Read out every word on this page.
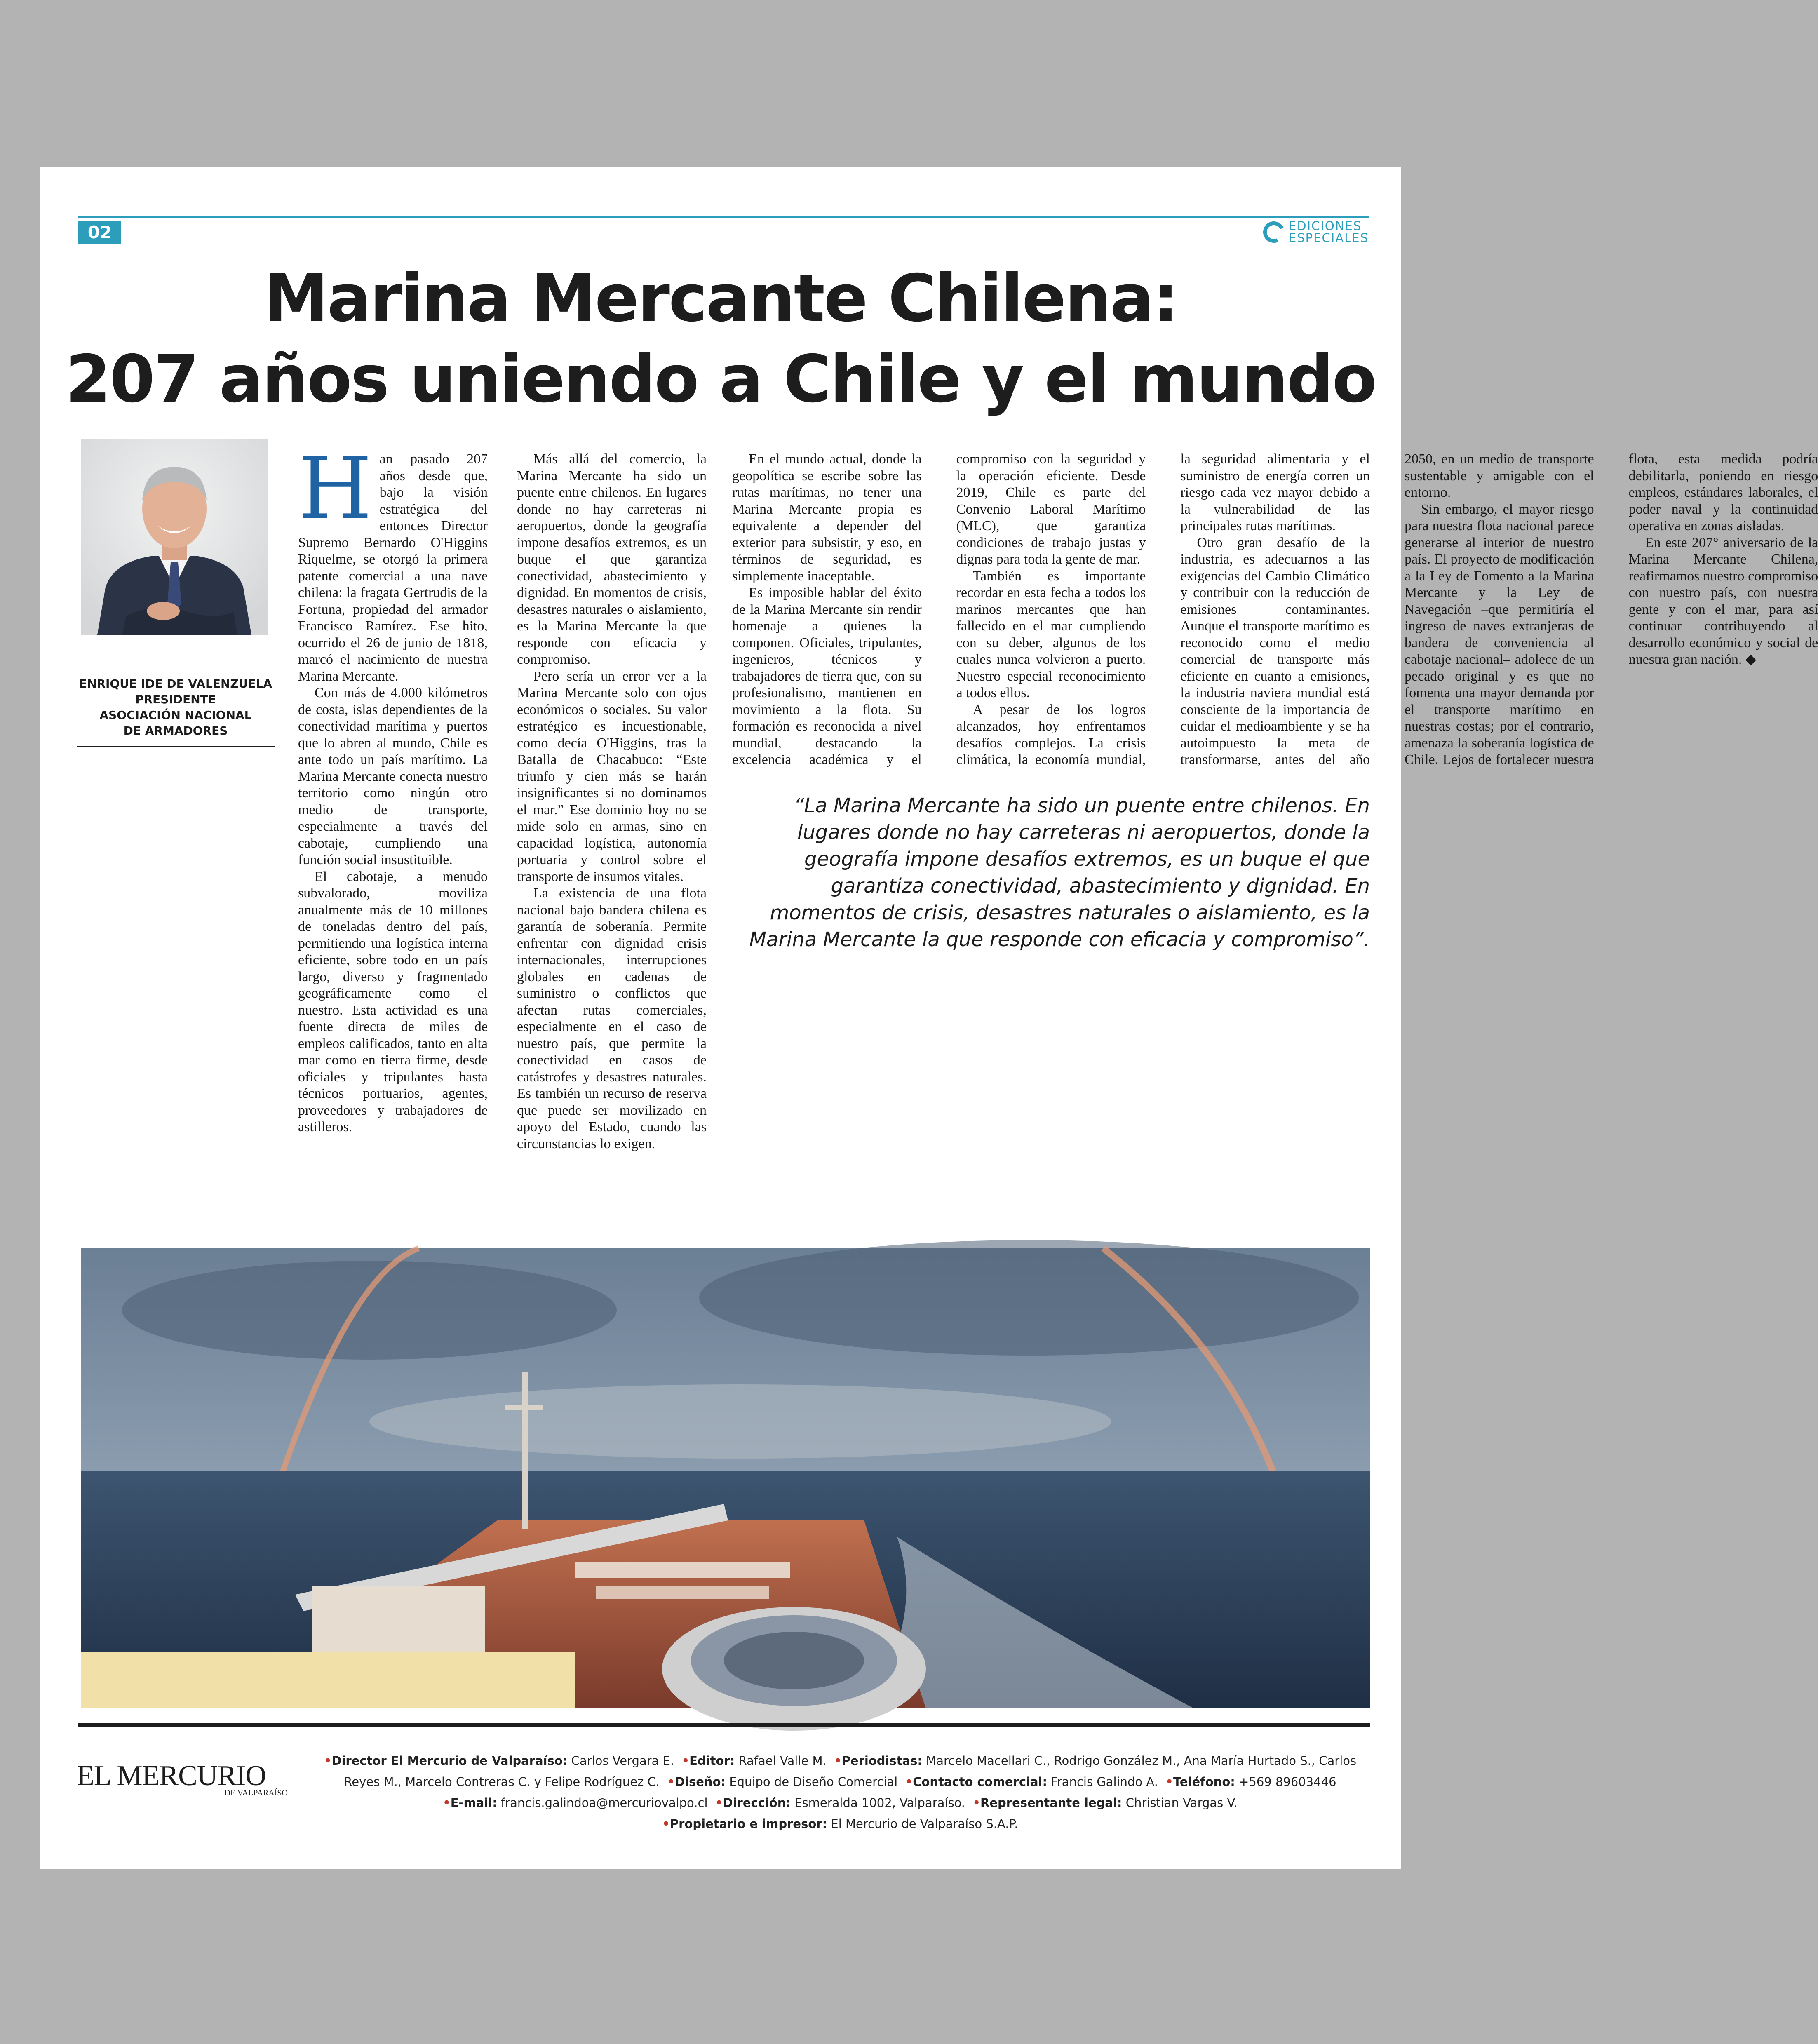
02	EDICIONES
ESPECIALES
Marina Mercante Chilena:
207 años uniendo a Chile y el mundo
ENRIQUE IDE DE VALENZUELA
PRESIDENTE
ASOCIACIÓN NACIONAL
DE ARMADORES
H an pasado 207 años desde que, bajo la visión estratégica del entonces Director Supremo Bernardo O'Higgins Riquelme, se otorgó la primera patente comercial a una nave chilena: la fragata Gertrudis de la Fortuna, propiedad del armador Francisco Ramírez. Ese hito, ocurrido el 26 de junio de 1818, marcó el nacimiento de nuestra Marina Mercante.

Con más de 4.000 kilómetros de costa, islas dependientes de la conectividad marítima y puertos que lo abren al mundo, Chile es ante todo un país marítimo. La Marina Mercante conecta nuestro territorio como ningún otro medio de transporte, especialmente a través del cabotaje, cumpliendo una función social insustituible.

El cabotaje, a menudo subvalorado, moviliza anualmente más de 10 millones de toneladas dentro del país, permitiendo una logística interna eficiente, sobre todo en un país largo, diverso y fragmentado geográficamente como el nuestro. Esta actividad es una fuente directa de miles de empleos calificados, tanto en alta mar como en tierra firme, desde oficiales y tripulantes hasta técnicos portuarios, agentes, proveedores y trabajadores de astilleros.

Más allá del comercio, la Marina Mercante ha sido un puente entre chilenos. En lugares donde no hay carreteras ni aeropuertos, donde la geografía impone desafíos extremos, es un buque el que garantiza conectividad, abastecimiento y dignidad. En momentos de crisis, desastres naturales o aislamiento, es la Marina Mercante la que responde con eficacia y compromiso.

Pero sería un error ver a la Marina Mercante solo con ojos económicos o sociales. Su valor estratégico es incuestionable, como decía O'Higgins, tras la Batalla de Chacabuco: “Este triunfo y cien más se harán insignificantes si no dominamos el mar.” Ese dominio hoy no se mide solo en armas, sino en capacidad logística, autonomía portuaria y control sobre el transporte de insumos vitales.

La existencia de una flota nacional bajo bandera chilena es garantía de soberanía. Permite enfrentar con dignidad crisis internacionales, interrupciones globales en cadenas de suministro o conflictos que afectan rutas comerciales, especialmente en el caso de nuestro país, que permite la conectividad en casos de catástrofes y desastres naturales. Es también un recurso de reserva que puede ser movilizado en apoyo del Estado, cuando las circunstancias lo exigen.

En el mundo actual, donde la geopolítica se escribe sobre las rutas marítimas, no tener una Marina Mercante propia es equivalente a depender del exterior para subsistir, y eso, en términos de seguridad, es simplemente inaceptable.

Es imposible hablar del éxito de la Marina Mercante sin rendir homenaje a quienes la componen. Oficiales, tripulantes, ingenieros, técnicos y trabajadores de tierra que, con su profesionalismo, mantienen en movimiento a la flota. Su formación es reconocida a nivel mundial, destacando la excelencia académica y el compromiso con la seguridad y la operación eficiente. Desde 2019, Chile es parte del Convenio Laboral Marítimo (MLC), que garantiza condiciones de trabajo justas y dignas para toda la gente de mar.

También es importante recordar en esta fecha a todos los marinos mercantes que han fallecido en el mar cumpliendo con su deber, algunos de los cuales nunca volvieron a puerto. Nuestro especial reconocimiento a todos ellos.

A pesar de los logros alcanzados, hoy enfrentamos desafíos complejos. La crisis climática, la economía mundial, la seguridad alimentaria y el suministro de energía corren un riesgo cada vez mayor debido a la vulnerabilidad de las principales rutas marítimas.

Otro gran desafío de la industria, es adecuarnos a las exigencias del Cambio Climático y contribuir con la reducción de emisiones contaminantes. Aunque el transporte marítimo es reconocido como el medio comercial de transporte más eficiente en cuanto a emisiones, la industria naviera mundial está consciente de la importancia de cuidar el medioambiente y se ha autoimpuesto la meta de transformarse, antes del año 2050, en un medio de transporte sustentable y amigable con el entorno.

Sin embargo, el mayor riesgo para nuestra flota nacional parece generarse al interior de nuestro país. El proyecto de modificación a la Ley de Fomento a la Marina Mercante y la Ley de Navegación –que permitiría el ingreso de naves extranjeras de bandera de conveniencia al cabotaje nacional– adolece de un pecado original y es que no fomenta una mayor demanda por el transporte marítimo en nuestras costas; por el contrario, amenaza la soberanía logística de Chile. Lejos de fortalecer nuestra flota, esta medida podría debilitarla, poniendo en riesgo empleos, estándares laborales, el poder naval y la continuidad operativa en zonas aisladas.

En este 207° aniversario de la Marina Mercante Chilena, reafirmamos nuestro compromiso con nuestro país, con nuestra gente y con el mar, para así continuar contribuyendo al desarrollo económico y social de nuestra gran nación. ◆

“La Marina Mercante ha sido un puente entre chilenos. En lugares donde no hay carreteras ni aeropuertos, donde la geografía impone desafíos extremos, es un buque el que garantiza conectividad, abastecimiento y dignidad. En momentos de crisis, desastres naturales o aislamiento, es la Marina Mercante la que responde con eficacia y compromiso”.
EL MERCURIO
DE VALPARAÍSO
•Director El Mercurio de Valparaíso: Carlos Vergara E. •Editor: Rafael Valle M. •Periodistas: Marcelo Macellari C., Rodrigo González M., Ana María Hurtado S., Carlos Reyes M., Marcelo Contreras C. y Felipe Rodríguez C. •Diseño: Equipo de Diseño Comercial •Contacto comercial: Francis Galindo A. •Teléfono: +569 89603446
•E-mail: francis.galindoa@mercuriovalpo.cl •Dirección: Esmeralda 1002, Valparaíso. •Representante legal: Christian Vargas V.
•Propietario e impresor: El Mercurio de Valparaíso S.A.P.
